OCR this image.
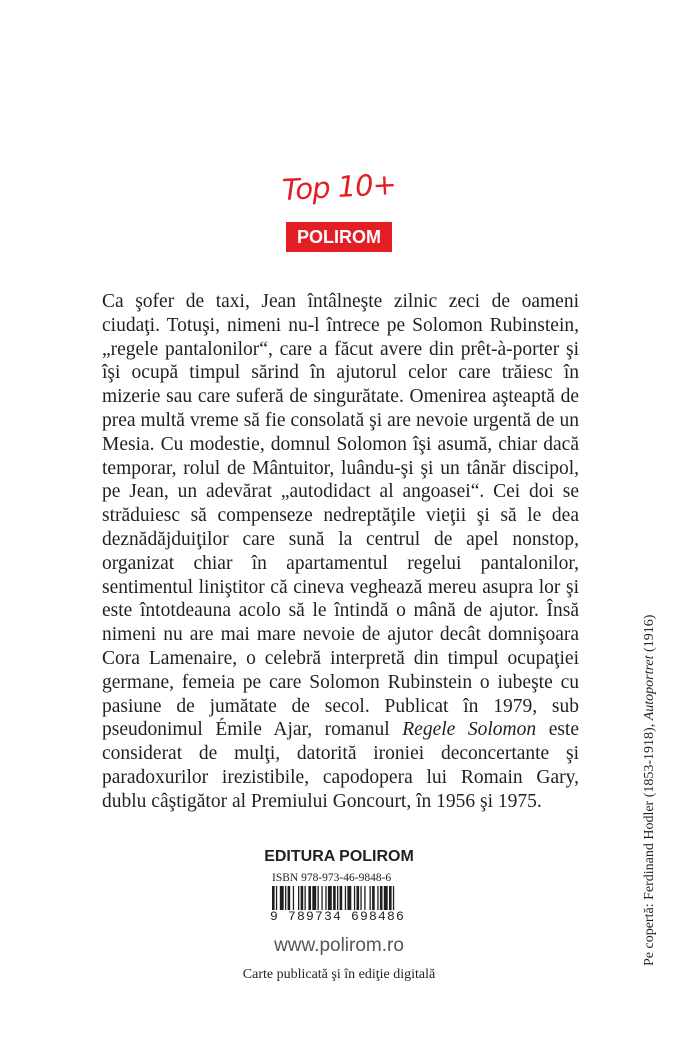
Top 10+
POLIROM

Ca şofer de taxi, Jean întâlneşte zilnic zeci de oameni ciudaţi. Totuşi, nimeni nu-l întrece pe Solomon Rubinstein, „regele pantalonilor“, care a făcut avere din prêt-à-porter şi îşi ocupă timpul sărind în ajutorul celor care trăiesc în mizerie sau care suferă de singurătate. Omenirea aşteaptă de prea multă vreme să fie consolată şi are nevoie urgentă de un Mesia. Cu modestie, domnul Solomon îşi asumă, chiar dacă temporar, rolul de Mântuitor, luându-şi şi un tânăr discipol, pe Jean, un adevărat „autodidact al angoasei“. Cei doi se străduiesc să compenseze nedreptăţile vieţii şi să le dea deznădăjduiţilor care sună la centrul de apel nonstop, organizat chiar în apartamentul regelui pantalonilor, sentimentul liniştitor că cineva veghează mereu asupra lor şi este întotdeauna acolo să le întindă o mână de ajutor. Însă nimeni nu are mai mare nevoie de ajutor decât domnişoara Cora Lamenaire, o celebră interpretă din timpul ocupaţiei germane, femeia pe care Solomon Rubinstein o iubeşte cu pasiune de jumătate de secol. Publicat în 1979, sub pseudonimul Émile Ajar, romanul Regele Solomon este considerat de mulţi, datorită ironiei deconcertante şi paradoxurilor irezistibile, capodopera lui Romain Gary, dublu câştigător al Premiului Goncourt, în 1956 şi 1975.

EDITURA POLIROM
ISBN 978-973-46-9848-6
9 789734 698486
www.polirom.ro
Carte publicată şi în ediţie digitală
Pe copertă: Ferdinand Hodler (1853-1918), Autoportret (1916)
